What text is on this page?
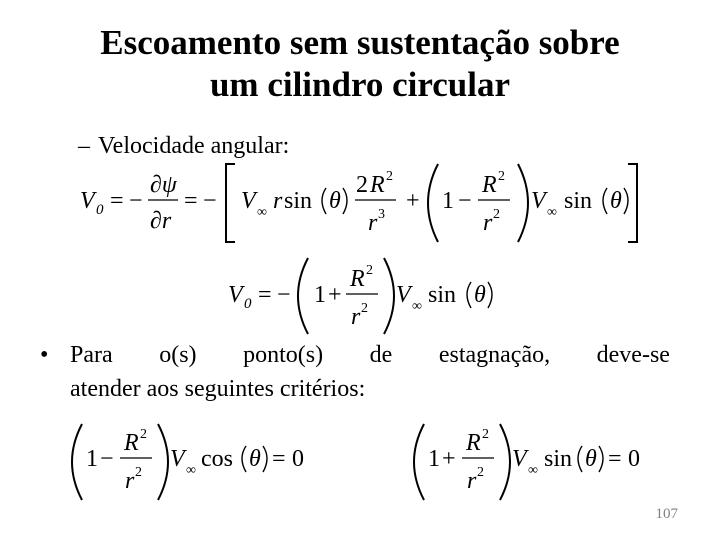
Escoamento sem sustentação sobre
um cilindro circular
– Velocidade angular:
V 0 = −
∂ψ
∂r
= − V ∞ r sin θ
2 R 2
r 3
+ 1 −
R 2
r 2
V ∞ sin θ
V 0 = − 1 +
R 2
r 2
V ∞ sin θ
• Para o(s) ponto(s) de estagnação, deve-se
atender aos seguintes critérios:
1 −
R 2
r 2
V ∞ cos θ = 0	1 +
R 2
r 2
V ∞ sin θ = 0
107
